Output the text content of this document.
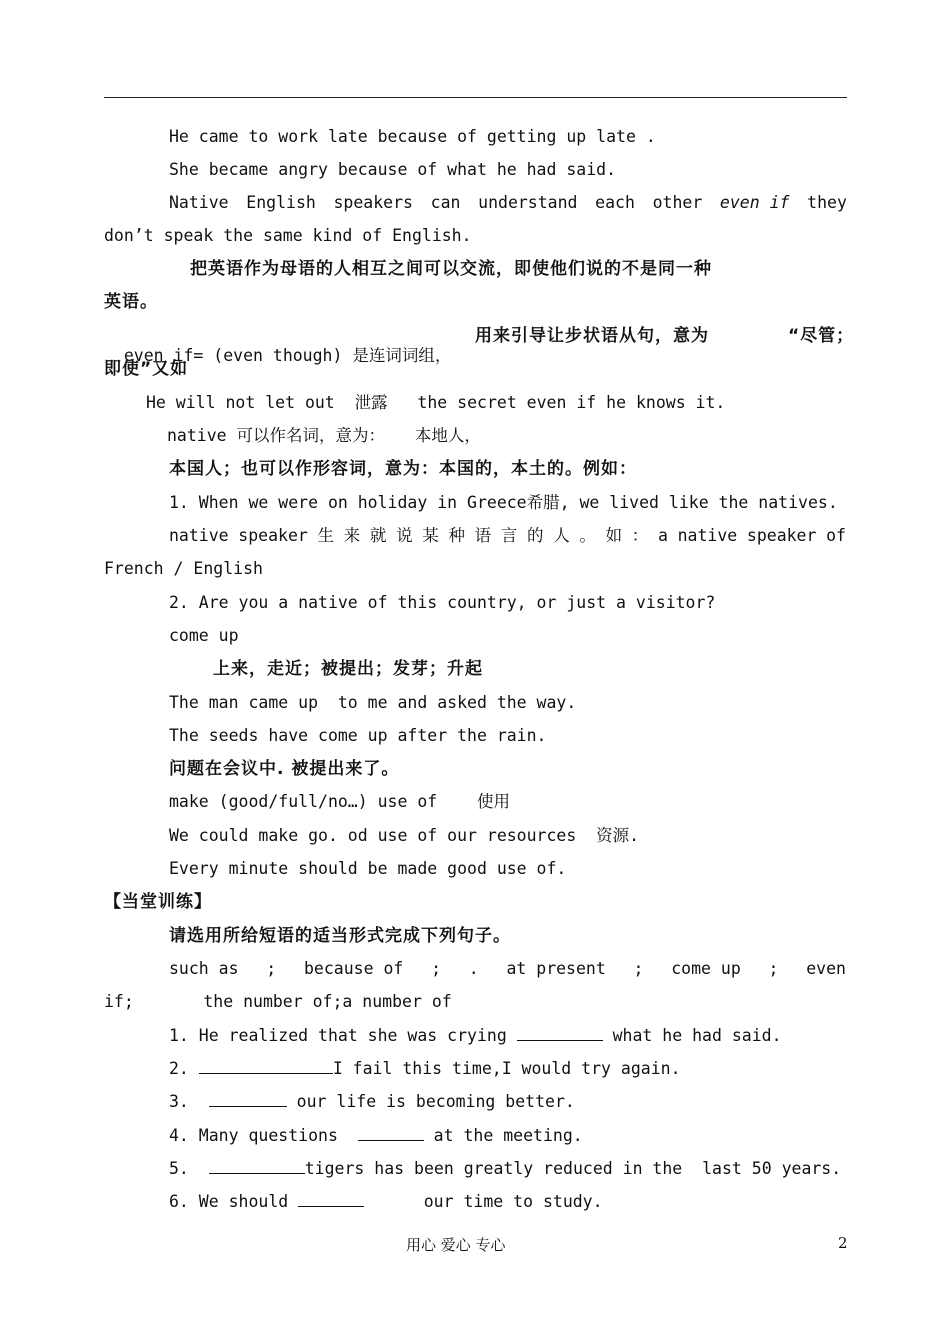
He came to work late because of getting up late .
She became angry because of what he had said.
Native English speakers can understand each other even if they
don’t speak the same kind of English.
把英语作为母语的人相互之间可以交流，即使他们说的不是同一种
英语。

even if= (even though) 是连词词组，

用来引导让步状语从句，意为	“尽管；
即使”又如
He will not let out  泄露   the secret even if he knows it.
native 可以作名词，意为：   本地人，
本国人；也可以作形容词，意为：本国的，本土的。例如：
1. When we were on holiday in Greece希腊, we lived like the natives.
native speaker 生 来 就 说 某 种 语 言 的 人 。 如 ： a native speaker of
French / English
2. Are you a native of this country, or just a visitor?
come up
上来，走近；被提出；发芽；升起
The man came up  to me and asked the way.
The seeds have come up after the rain.
问题在会议中. 被提出来了。
make (good/full/no…) use of    使用
We could make go. od use of our resources  资源.
Every minute should be made good use of.
【当堂训练】
请选用所给短语的适当形式完成下列句子。
such as ; because of ; . at present ; come up ; even
if;       the number of;a number of
1. He realized that she was crying	what he had said.
2.	I fail this time,I would try again.
3.	our life is becoming better.
4. Many questions	at the meeting.
5.	tigers has been greatly reduced in the  last 50 years.
6. We should	our time to study.
用心 爱心 专心	2
